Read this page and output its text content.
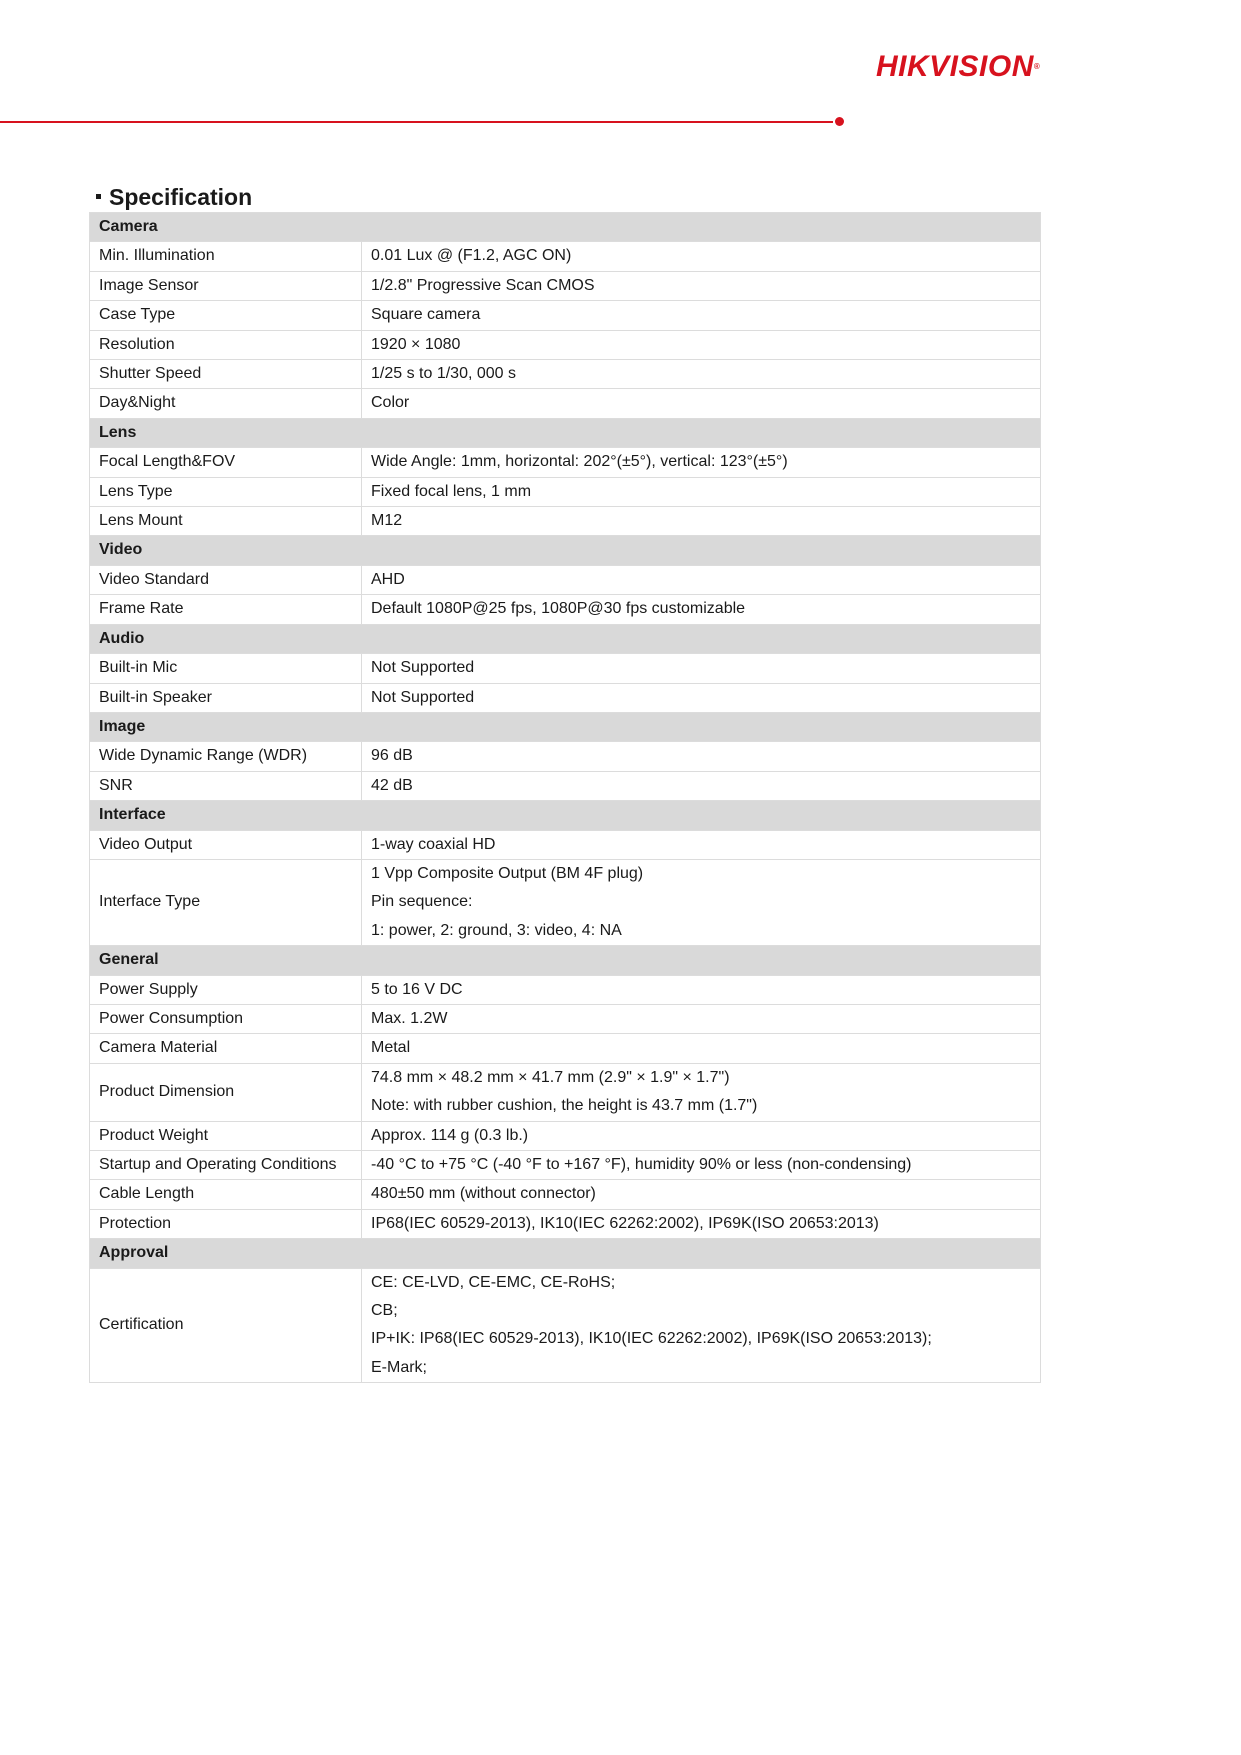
HIKVISION®
Specification
Camera	
Min. Illumination	0.01 Lux @ (F1.2, AGC ON)
Image Sensor	1/2.8" Progressive Scan CMOS
Case Type	Square camera
Resolution	1920 × 1080
Shutter Speed	1/25 s to 1/30, 000 s
Day&Night	Color
Lens	
Focal Length&FOV	Wide Angle: 1mm, horizontal: 202°(±5°), vertical: 123°(±5°)
Lens Type	Fixed focal lens, 1 mm
Lens Mount	M12
Video	
Video Standard	AHD
Frame Rate	Default 1080P@25 fps, 1080P@30 fps customizable
Audio	
Built-in Mic	Not Supported
Built-in Speaker	Not Supported
Image	
Wide Dynamic Range (WDR)	96 dB
SNR	42 dB
Interface	
Video Output	1-way coaxial HD
Interface Type	1 Vpp Composite Output (BM 4F plug)
Pin sequence:
1: power, 2: ground, 3: video, 4: NA

General	
Power Supply	5 to 16 V DC
Power Consumption	Max. 1.2W
Camera Material	Metal
Product Dimension	74.8 mm × 48.2 mm × 41.7 mm (2.9" × 1.9" × 1.7")
Note: with rubber cushion, the height is 43.7 mm (1.7")

Product Weight	Approx. 114 g (0.3 lb.)
Startup and Operating Conditions	-40 °C to +75 °C (-40 °F to +167 °F), humidity 90% or less (non-condensing)
Cable Length	480±50 mm (without connector)
Protection	IP68(IEC 60529-2013), IK10(IEC 62262:2002), IP69K(ISO 20653:2013)
Approval	
Certification	CE: CE-LVD, CE-EMC, CE-RoHS;
CB;
IP+IK: IP68(IEC 60529-2013), IK10(IEC 62262:2002), IP69K(ISO 20653:2013);
E-Mark;
